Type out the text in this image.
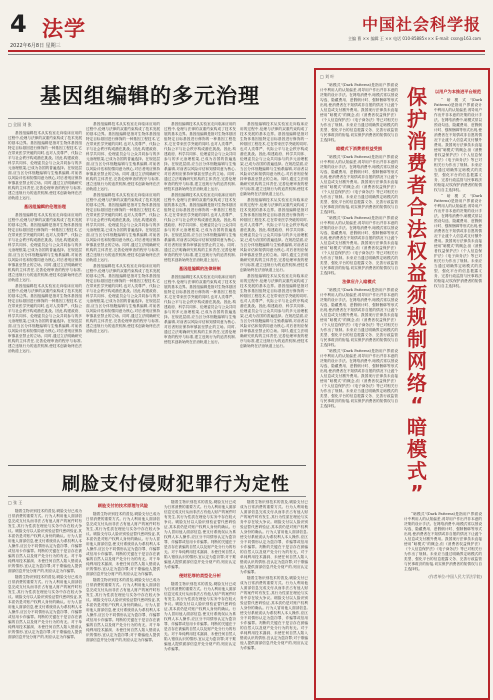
4
2022年6月8日 星期三
法学	中国社会科学报
主编 曹 ×× 编辑 王 ×× 电话 010-85885××× E-mail: cssn@163.com
基因组编辑的多元治理
□ 全国 刘 张

基因组编辑技术从实验室走向临床应用的过程中,伦理与法律的双重约束构成了技术发展的基本边界。基因组编辑是指对生物体基因组特定目标基因进行修饰的一种基因工程技术,它在带来医学突破的同时,也对人类尊严、代际公平与社会秩序构成潜在挑战。因此,构建政府、科学共同体、伦理委员会与公众共同参与的多元治理框架,已成为各国的普遍选择。在规范层面,应当区分体细胞编辑与生殖系编辑,对前者以风险评估和知情同意为核心,对后者则应保持审慎甚至禁止的立场。同时,通过立法明确研究机构的主体责任,完善伦理审查的程序与标准,建立违规行为的追责机制,使技术创新始终在法治轨道上运行。

基因组编辑的伦理治理

基因组编辑技术从实验室走向临床应用的过程中,伦理与法律的双重约束构成了技术发展的基本边界。基因组编辑是指对生物体基因组特定目标基因进行修饰的一种基因工程技术,它在带来医学突破的同时,也对人类尊严、代际公平与社会秩序构成潜在挑战。因此,构建政府、科学共同体、伦理委员会与公众共同参与的多元治理框架,已成为各国的普遍选择。在规范层面,应当区分体细胞编辑与生殖系编辑,对前者以风险评估和知情同意为核心,对后者则应保持审慎甚至禁止的立场。同时,通过立法明确研究机构的主体责任,完善伦理审查的程序与标准,建立违规行为的追责机制,使技术创新始终在法治轨道上运行。

基因组编辑技术从实验室走向临床应用的过程中,伦理与法律的双重约束构成了技术发展的基本边界。基因组编辑是指对生物体基因组特定目标基因进行修饰的一种基因工程技术,它在带来医学突破的同时,也对人类尊严、代际公平与社会秩序构成潜在挑战。因此,构建政府、科学共同体、伦理委员会与公众共同参与的多元治理框架,已成为各国的普遍选择。在规范层面,应当区分体细胞编辑与生殖系编辑,对前者以风险评估和知情同意为核心,对后者则应保持审慎甚至禁止的立场。同时,通过立法明确研究机构的主体责任,完善伦理审查的程序与标准,建立违规行为的追责机制,使技术创新始终在法治轨道上运行。

基因组编辑技术从实验室走向临床应用的过程中,伦理与法律的双重约束构成了技术发展的基本边界。基因组编辑是指对生物体基因组特定目标基因进行修饰的一种基因工程技术,它在带来医学突破的同时,也对人类尊严、代际公平与社会秩序构成潜在挑战。因此,构建政府、科学共同体、伦理委员会与公众共同参与的多元治理框架,已成为各国的普遍选择。在规范层面,应当区分体细胞编辑与生殖系编辑,对前者以风险评估和知情同意为核心,对后者则应保持审慎甚至禁止的立场。同时,通过立法明确研究机构的主体责任,完善伦理审查的程序与标准,建立违规行为的追责机制,使技术创新始终在法治轨道上运行。

基因组编辑技术从实验室走向临床应用的过程中,伦理与法律的双重约束构成了技术发展的基本边界。基因组编辑是指对生物体基因组特定目标基因进行修饰的一种基因工程技术,它在带来医学突破的同时,也对人类尊严、代际公平与社会秩序构成潜在挑战。因此,构建政府、科学共同体、伦理委员会与公众共同参与的多元治理框架,已成为各国的普遍选择。在规范层面,应当区分体细胞编辑与生殖系编辑,对前者以风险评估和知情同意为核心,对后者则应保持审慎甚至禁止的立场。同时,通过立法明确研究机构的主体责任,完善伦理审查的程序与标准,建立违规行为的追责机制,使技术创新始终在法治轨道上运行。

基因组编辑技术从实验室走向临床应用的过程中,伦理与法律的双重约束构成了技术发展的基本边界。基因组编辑是指对生物体基因组特定目标基因进行修饰的一种基因工程技术,它在带来医学突破的同时,也对人类尊严、代际公平与社会秩序构成潜在挑战。因此,构建政府、科学共同体、伦理委员会与公众共同参与的多元治理框架,已成为各国的普遍选择。在规范层面,应当区分体细胞编辑与生殖系编辑,对前者以风险评估和知情同意为核心,对后者则应保持审慎甚至禁止的立场。同时,通过立法明确研究机构的主体责任,完善伦理审查的程序与标准,建立违规行为的追责机制,使技术创新始终在法治轨道上运行。

基因组编辑技术从实验室走向临床应用的过程中,伦理与法律的双重约束构成了技术发展的基本边界。基因组编辑是指对生物体基因组特定目标基因进行修饰的一种基因工程技术,它在带来医学突破的同时,也对人类尊严、代际公平与社会秩序构成潜在挑战。因此,构建政府、科学共同体、伦理委员会与公众共同参与的多元治理框架,已成为各国的普遍选择。在规范层面,应当区分体细胞编辑与生殖系编辑,对前者以风险评估和知情同意为核心,对后者则应保持审慎甚至禁止的立场。同时,通过立法明确研究机构的主体责任,完善伦理审查的程序与标准,建立违规行为的追责机制,使技术创新始终在法治轨道上运行。

基因组编辑技术从实验室走向临床应用的过程中,伦理与法律的双重约束构成了技术发展的基本边界。基因组编辑是指对生物体基因组特定目标基因进行修饰的一种基因工程技术,它在带来医学突破的同时,也对人类尊严、代际公平与社会秩序构成潜在挑战。因此,构建政府、科学共同体、伦理委员会与公众共同参与的多元治理框架,已成为各国的普遍选择。在规范层面,应当区分体细胞编辑与生殖系编辑,对前者以风险评估和知情同意为核心,对后者则应保持审慎甚至禁止的立场。同时,通过立法明确研究机构的主体责任,完善伦理审查的程序与标准,建立违规行为的追责机制,使技术创新始终在法治轨道上运行。

基因组编辑的法律规制

基因组编辑技术从实验室走向临床应用的过程中,伦理与法律的双重约束构成了技术发展的基本边界。基因组编辑是指对生物体基因组特定目标基因进行修饰的一种基因工程技术,它在带来医学突破的同时,也对人类尊严、代际公平与社会秩序构成潜在挑战。因此,构建政府、科学共同体、伦理委员会与公众共同参与的多元治理框架,已成为各国的普遍选择。在规范层面,应当区分体细胞编辑与生殖系编辑,对前者以风险评估和知情同意为核心,对后者则应保持审慎甚至禁止的立场。同时,通过立法明确研究机构的主体责任,完善伦理审查的程序与标准,建立违规行为的追责机制,使技术创新始终在法治轨道上运行。

基因组编辑技术从实验室走向临床应用的过程中,伦理与法律的双重约束构成了技术发展的基本边界。基因组编辑是指对生物体基因组特定目标基因进行修饰的一种基因工程技术,它在带来医学突破的同时,也对人类尊严、代际公平与社会秩序构成潜在挑战。因此,构建政府、科学共同体、伦理委员会与公众共同参与的多元治理框架,已成为各国的普遍选择。在规范层面,应当区分体细胞编辑与生殖系编辑,对前者以风险评估和知情同意为核心,对后者则应保持审慎甚至禁止的立场。同时,通过立法明确研究机构的主体责任,完善伦理审查的程序与标准,建立违规行为的追责机制,使技术创新始终在法治轨道上运行。

基因组编辑技术从实验室走向临床应用的过程中,伦理与法律的双重约束构成了技术发展的基本边界。基因组编辑是指对生物体基因组特定目标基因进行修饰的一种基因工程技术,它在带来医学突破的同时,也对人类尊严、代际公平与社会秩序构成潜在挑战。因此,构建政府、科学共同体、伦理委员会与公众共同参与的多元治理框架,已成为各国的普遍选择。在规范层面,应当区分体细胞编辑与生殖系编辑,对前者以风险评估和知情同意为核心,对后者则应保持审慎甚至禁止的立场。同时,通过立法明确研究机构的主体责任,完善伦理审查的程序与标准,建立违规行为的追责机制,使技术创新始终在法治轨道上运行。

基因组编辑技术从实验室走向临床应用的过程中,伦理与法律的双重约束构成了技术发展的基本边界。基因组编辑是指对生物体基因组特定目标基因进行修饰的一种基因工程技术,它在带来医学突破的同时,也对人类尊严、代际公平与社会秩序构成潜在挑战。因此,构建政府、科学共同体、伦理委员会与公众共同参与的多元治理框架,已成为各国的普遍选择。在规范层面,应当区分体细胞编辑与生殖系编辑,对前者以风险评估和知情同意为核心,对后者则应保持审慎甚至禁止的立场。同时,通过立法明确研究机构的主体责任,完善伦理审查的程序与标准,建立违规行为的追责机制,使技术创新始终在法治轨道上运行。

刷脸支付侵财犯罪行为定性
□ 张 王

随着生物识别技术的普及,刷脸支付已成为日常消费的重要方式。行为人利用他人面部信息完成支付从而非法占有他人财产的案件时有发生,其行为性质在理论与实务中存在较大争议。刷脸支付以人脸识别验证替代密码验证,其本质仍是对账户权利人身份的确认。行为人冒用他人面部信息,使支付系统误认为系权利人本人操作,应区分不同情形认定为盗窃罪、诈骗罪或信用卡诈骗罪。判断的关键在于是否存在被骗的自然人以及财产处分行为的有无。对于单纯利用技术漏洞、未使任何自然人陷入错误认识的情形,宜认定为盗窃罪;对于欺骗他人提供面部信息并处分财产的,则应认定为诈骗罪。

随着生物识别技术的普及,刷脸支付已成为日常消费的重要方式。行为人利用他人面部信息完成支付从而非法占有他人财产的案件时有发生,其行为性质在理论与实务中存在较大争议。刷脸支付以人脸识别验证替代密码验证,其本质仍是对账户权利人身份的确认。行为人冒用他人面部信息,使支付系统误认为系权利人本人操作,应区分不同情形认定为盗窃罪、诈骗罪或信用卡诈骗罪。判断的关键在于是否存在被骗的自然人以及财产处分行为的有无。对于单纯利用技术漏洞、未使任何自然人陷入错误认识的情形,宜认定为盗窃罪;对于欺骗他人提供面部信息并处分财产的,则应认定为诈骗罪。

刷脸支付的技术原理与风险

随着生物识别技术的普及,刷脸支付已成为日常消费的重要方式。行为人利用他人面部信息完成支付从而非法占有他人财产的案件时有发生,其行为性质在理论与实务中存在较大争议。刷脸支付以人脸识别验证替代密码验证,其本质仍是对账户权利人身份的确认。行为人冒用他人面部信息,使支付系统误认为系权利人本人操作,应区分不同情形认定为盗窃罪、诈骗罪或信用卡诈骗罪。判断的关键在于是否存在被骗的自然人以及财产处分行为的有无。对于单纯利用技术漏洞、未使任何自然人陷入错误认识的情形,宜认定为盗窃罪;对于欺骗他人提供面部信息并处分财产的,则应认定为诈骗罪。

随着生物识别技术的普及,刷脸支付已成为日常消费的重要方式。行为人利用他人面部信息完成支付从而非法占有他人财产的案件时有发生,其行为性质在理论与实务中存在较大争议。刷脸支付以人脸识别验证替代密码验证,其本质仍是对账户权利人身份的确认。行为人冒用他人面部信息,使支付系统误认为系权利人本人操作,应区分不同情形认定为盗窃罪、诈骗罪或信用卡诈骗罪。判断的关键在于是否存在被骗的自然人以及财产处分行为的有无。对于单纯利用技术漏洞、未使任何自然人陷入错误认识的情形,宜认定为盗窃罪;对于欺骗他人提供面部信息并处分财产的,则应认定为诈骗罪。

随着生物识别技术的普及,刷脸支付已成为日常消费的重要方式。行为人利用他人面部信息完成支付从而非法占有他人财产的案件时有发生,其行为性质在理论与实务中存在较大争议。刷脸支付以人脸识别验证替代密码验证,其本质仍是对账户权利人身份的确认。行为人冒用他人面部信息,使支付系统误认为系权利人本人操作,应区分不同情形认定为盗窃罪、诈骗罪或信用卡诈骗罪。判断的关键在于是否存在被骗的自然人以及财产处分行为的有无。对于单纯利用技术漏洞、未使任何自然人陷入错误认识的情形,宜认定为盗窃罪;对于欺骗他人提供面部信息并处分财产的,则应认定为诈骗罪。

侵财犯罪的类型化分析

随着生物识别技术的普及,刷脸支付已成为日常消费的重要方式。行为人利用他人面部信息完成支付从而非法占有他人财产的案件时有发生,其行为性质在理论与实务中存在较大争议。刷脸支付以人脸识别验证替代密码验证,其本质仍是对账户权利人身份的确认。行为人冒用他人面部信息,使支付系统误认为系权利人本人操作,应区分不同情形认定为盗窃罪、诈骗罪或信用卡诈骗罪。判断的关键在于是否存在被骗的自然人以及财产处分行为的有无。对于单纯利用技术漏洞、未使任何自然人陷入错误认识的情形,宜认定为盗窃罪;对于欺骗他人提供面部信息并处分财产的,则应认定为诈骗罪。

随着生物识别技术的普及,刷脸支付已成为日常消费的重要方式。行为人利用他人面部信息完成支付从而非法占有他人财产的案件时有发生,其行为性质在理论与实务中存在较大争议。刷脸支付以人脸识别验证替代密码验证,其本质仍是对账户权利人身份的确认。行为人冒用他人面部信息,使支付系统误认为系权利人本人操作,应区分不同情形认定为盗窃罪、诈骗罪或信用卡诈骗罪。判断的关键在于是否存在被骗的自然人以及财产处分行为的有无。对于单纯利用技术漏洞、未使任何自然人陷入错误认识的情形,宜认定为盗窃罪;对于欺骗他人提供面部信息并处分财产的,则应认定为诈骗罪。

随着生物识别技术的普及,刷脸支付已成为日常消费的重要方式。行为人利用他人面部信息完成支付从而非法占有他人财产的案件时有发生,其行为性质在理论与实务中存在较大争议。刷脸支付以人脸识别验证替代密码验证,其本质仍是对账户权利人身份的确认。行为人冒用他人面部信息,使支付系统误认为系权利人本人操作,应区分不同情形认定为盗窃罪、诈骗罪或信用卡诈骗罪。判断的关键在于是否存在被骗的自然人以及财产处分行为的有无。对于单纯利用技术漏洞、未使任何自然人陷入错误认识的情形,宜认定为盗窃罪;对于欺骗他人提供面部信息并处分财产的,则应认定为诈骗罪。

保
护
消
费
者
合
法
权
益
须
规
制
网
络
“
暗
模
式
”
□ 刘 叶

“暗模式”(Dark Patterns)是指用户界面设计中利用人的认知偏差,诱导用户作出并非本意的决策的设计手法。在网络消费中,暗模式常以预设勾选、隐藏费用、虚假倒计时、强制捆绑等形式出现,使消费者在不知情或非自愿的情况下让渡个人信息或支付额外费用。我国现行法律虽未直接使用“暗模式”的概念,但《消费者权益保护法》《个人信息保护法》《电子商务法》等已对相关行为作出了规制。未来应当通过明确界定暗模式的类型、强化平台的信息披露义务、完善行政监管与民事救济的衔接,切实保护消费者的知情权与自主选择权。

暗模式下消费者权益受损

“暗模式”(Dark Patterns)是指用户界面设计中利用人的认知偏差,诱导用户作出并非本意的决策的设计手法。在网络消费中,暗模式常以预设勾选、隐藏费用、虚假倒计时、强制捆绑等形式出现,使消费者在不知情或非自愿的情况下让渡个人信息或支付额外费用。我国现行法律虽未直接使用“暗模式”的概念,但《消费者权益保护法》《个人信息保护法》《电子商务法》等已对相关行为作出了规制。未来应当通过明确界定暗模式的类型、强化平台的信息披露义务、完善行政监管与民事救济的衔接,切实保护消费者的知情权与自主选择权。

“暗模式”(Dark Patterns)是指用户界面设计中利用人的认知偏差,诱导用户作出并非本意的决策的设计手法。在网络消费中,暗模式常以预设勾选、隐藏费用、虚假倒计时、强制捆绑等形式出现,使消费者在不知情或非自愿的情况下让渡个人信息或支付额外费用。我国现行法律虽未直接使用“暗模式”的概念,但《消费者权益保护法》《个人信息保护法》《电子商务法》等已对相关行为作出了规制。未来应当通过明确界定暗模式的类型、强化平台的信息披露义务、完善行政监管与民事救济的衔接,切实保护消费者的知情权与自主选择权。

法律应介入暗模式

“暗模式”(Dark Patterns)是指用户界面设计中利用人的认知偏差,诱导用户作出并非本意的决策的设计手法。在网络消费中,暗模式常以预设勾选、隐藏费用、虚假倒计时、强制捆绑等形式出现,使消费者在不知情或非自愿的情况下让渡个人信息或支付额外费用。我国现行法律虽未直接使用“暗模式”的概念,但《消费者权益保护法》《个人信息保护法》《电子商务法》等已对相关行为作出了规制。未来应当通过明确界定暗模式的类型、强化平台的信息披露义务、完善行政监管与民事救济的衔接,切实保护消费者的知情权与自主选择权。

“暗模式”(Dark Patterns)是指用户界面设计中利用人的认知偏差,诱导用户作出并非本意的决策的设计手法。在网络消费中,暗模式常以预设勾选、隐藏费用、虚假倒计时、强制捆绑等形式出现,使消费者在不知情或非自愿的情况下让渡个人信息或支付额外费用。我国现行法律虽未直接使用“暗模式”的概念,但《消费者权益保护法》《个人信息保护法》《电子商务法》等已对相关行为作出了规制。未来应当通过明确界定暗模式的类型、强化平台的信息披露义务、完善行政监管与民事救济的衔接,切实保护消费者的知情权与自主选择权。

“暗模式”(Dark Patterns)是指用户界面设计中利用人的认知偏差,诱导用户作出并非本意的决策的设计手法。在网络消费中,暗模式常以预设勾选、隐藏费用、虚假倒计时、强制捆绑等形式出现,使消费者在不知情或非自愿的情况下让渡个人信息或支付额外费用。我国现行法律虽未直接使用“暗模式”的概念,但《消费者权益保护法》《个人信息保护法》《电子商务法》等已对相关行为作出了规制。未来应当通过明确界定暗模式的类型、强化平台的信息披露义务、完善行政监管与民事救济的衔接,切实保护消费者的知情权与自主选择权。

(作者单位:中国人民大学法学院)
以用户为本推进平台规范

“暗模式”(Dark Patterns)是指用户界面设计中利用人的认知偏差,诱导用户作出并非本意的决策的设计手法。在网络消费中,暗模式常以预设勾选、隐藏费用、虚假倒计时、强制捆绑等形式出现,使消费者在不知情或非自愿的情况下让渡个人信息或支付额外费用。我国现行法律虽未直接使用“暗模式”的概念,但《消费者权益保护法》《个人信息保护法》《电子商务法》等已对相关行为作出了规制。未来应当通过明确界定暗模式的类型、强化平台的信息披露义务、完善行政监管与民事救济的衔接,切实保护消费者的知情权与自主选择权。

“暗模式”(Dark Patterns)是指用户界面设计中利用人的认知偏差,诱导用户作出并非本意的决策的设计手法。在网络消费中,暗模式常以预设勾选、隐藏费用、虚假倒计时、强制捆绑等形式出现,使消费者在不知情或非自愿的情况下让渡个人信息或支付额外费用。我国现行法律虽未直接使用“暗模式”的概念,但《消费者权益保护法》《个人信息保护法》《电子商务法》等已对相关行为作出了规制。未来应当通过明确界定暗模式的类型、强化平台的信息披露义务、完善行政监管与民事救济的衔接,切实保护消费者的知情权与自主选择权。
